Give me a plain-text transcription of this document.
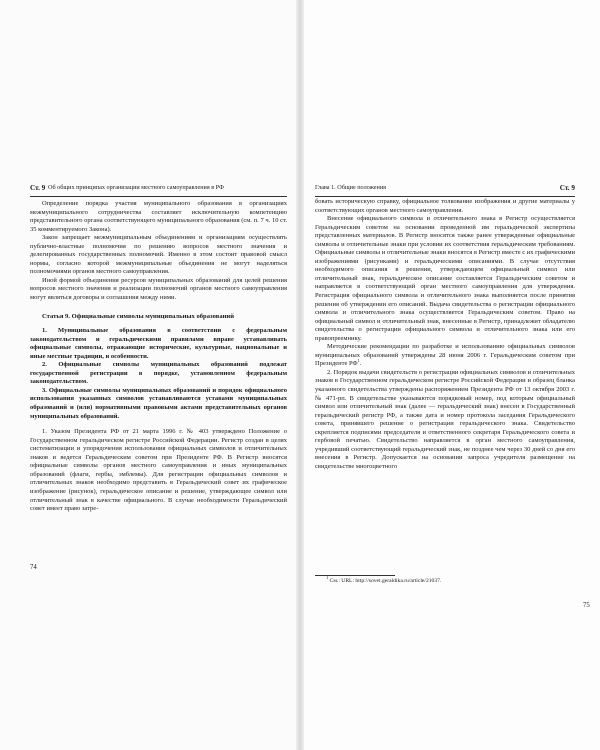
Ст. 9 Об общих принципах организации местного самоуправления в РФ

Определение порядка участия муниципального образования в организациях межмуниципального сотрудничества составляет исключительную компетенцию представительного органа соответствующего муниципального образования (см. п. 7 ч. 10 ст. 35 комментируемого Закона).

Закон запрещает межмуниципальным объединениям и организациям осуществлять публично-властные полномочия по решению вопросов местного значения и делегированных государственных полномочий. Именно в этом состоит правовой смысл нормы, согласно которой межмуниципальные объединения не могут наделяться полномочиями органов местного самоуправления.

Иной формой объединения ресурсов муниципальных образований для целей решения вопросов местного значения и реализации полномочий органов местного самоуправления могут являться договоры и соглашения между ними.

Статья 9. Официальные символы муниципальных образований

1. Муниципальные образования в соответствии с федеральным законодательством и геральдическими правилами вправе устанавливать официальные символы, отражающие исторические, культурные, национальные и иные местные традиции, и особенности.

2. Официальные символы муниципальных образований подлежат государственной регистрации в порядке, установленном федеральным законодательством.

3. Официальные символы муниципальных образований и порядок официального использования указанных символов устанавливаются уставами муниципальных образований и (или) нормативными правовыми актами представительных органов муниципальных образований.

1. Указом Президента РФ от 21 марта 1996 г. № 403 утверждено Положение о Государственном геральдическом регистре Российской Федерации. Регистр создан в целях систематизации и упорядочения использования официальных символов и отличительных знаков и ведется Геральдическим советом при Президенте РФ. В Регистр вносятся официальные символы органов местного самоуправления и иных муниципальных образований (флаги, гербы, эмблемы). Для регистрации официальных символов и отличительных знаков необходимо представить в Геральдический совет их графическое изображение (рисунок), геральдическое описание и решение, утверждающее символ или отличительный знак в качестве официального. В случае необходимости Геральдический совет имеет право затре-

74
Глава 1. Общие положения	Ст. 9

бовать историческую справку, официальное толкование изображения и другие материалы у соответствующих органов местного самоуправления.

Внесение официального символа и отличительного знака в Регистр осуществляется Геральдическим советом на основании проведенной им геральдической экспертизы представленных материалов. В Регистр вносятся также ранее утвержденные официальные символы и отличительные знаки при условии их соответствия геральдическим требованиям. Официальные символы и отличительные знаки вносятся в Регистр вместе с их графическими изображениями (рисунками) и геральдическими описаниями. В случае отсутствия необходимого описания в решении, утверждающем официальный символ или отличительный знак, геральдическое описание составляется Геральдическим советом и направляется в соответствующий орган местного самоуправления для утверждения. Регистрация официального символа и отличительного знака выполняется после принятия решения об утверждении его описаний. Выдача свидетельства о регистрации официального символа и отличительного знака осуществляется Геральдическим советом. Право на официальный символ и отличительный знак, внесенные в Регистр, принадлежит обладателю свидетельства о регистрации официального символа и отличительного знака или его правопреемнику.

Методические рекомендации по разработке и использованию официальных символов муниципальных образований утверждены 28 июня 2006 г. Геральдическим советом при Президенте $РФ^1$.

2. Порядок выдачи свидетельств о регистрации официальных символов и отличительных знаков в Государственном геральдическом регистре Российской Федерации и образец бланка указанного свидетельства утверждены распоряжением Президента РФ от 13 октября 2003 г. № 471-рп. В свидетельстве указываются порядковый номер, под которым официальный символ или отличительный знак (далее — геральдический знак) внесен в Государственный геральдический регистр РФ, а также дата и номер протокола заседания Геральдического совета, принявшего решение о регистрации геральдического знака. Свидетельство скрепляется подписями председателя и ответственного секретаря Геральдического совета и гербовой печатью. Свидетельство направляется в орган местного самоуправления, учредивший соответствующий геральдический знак, не позднее чем через 30 дней со дня его внесения в Регистр. Допускается на основании запроса учредителя размещение на свидетельстве многоцветного

$^1$ См.: URL: http://sovet.geraldika.ru/article/21037.
75
